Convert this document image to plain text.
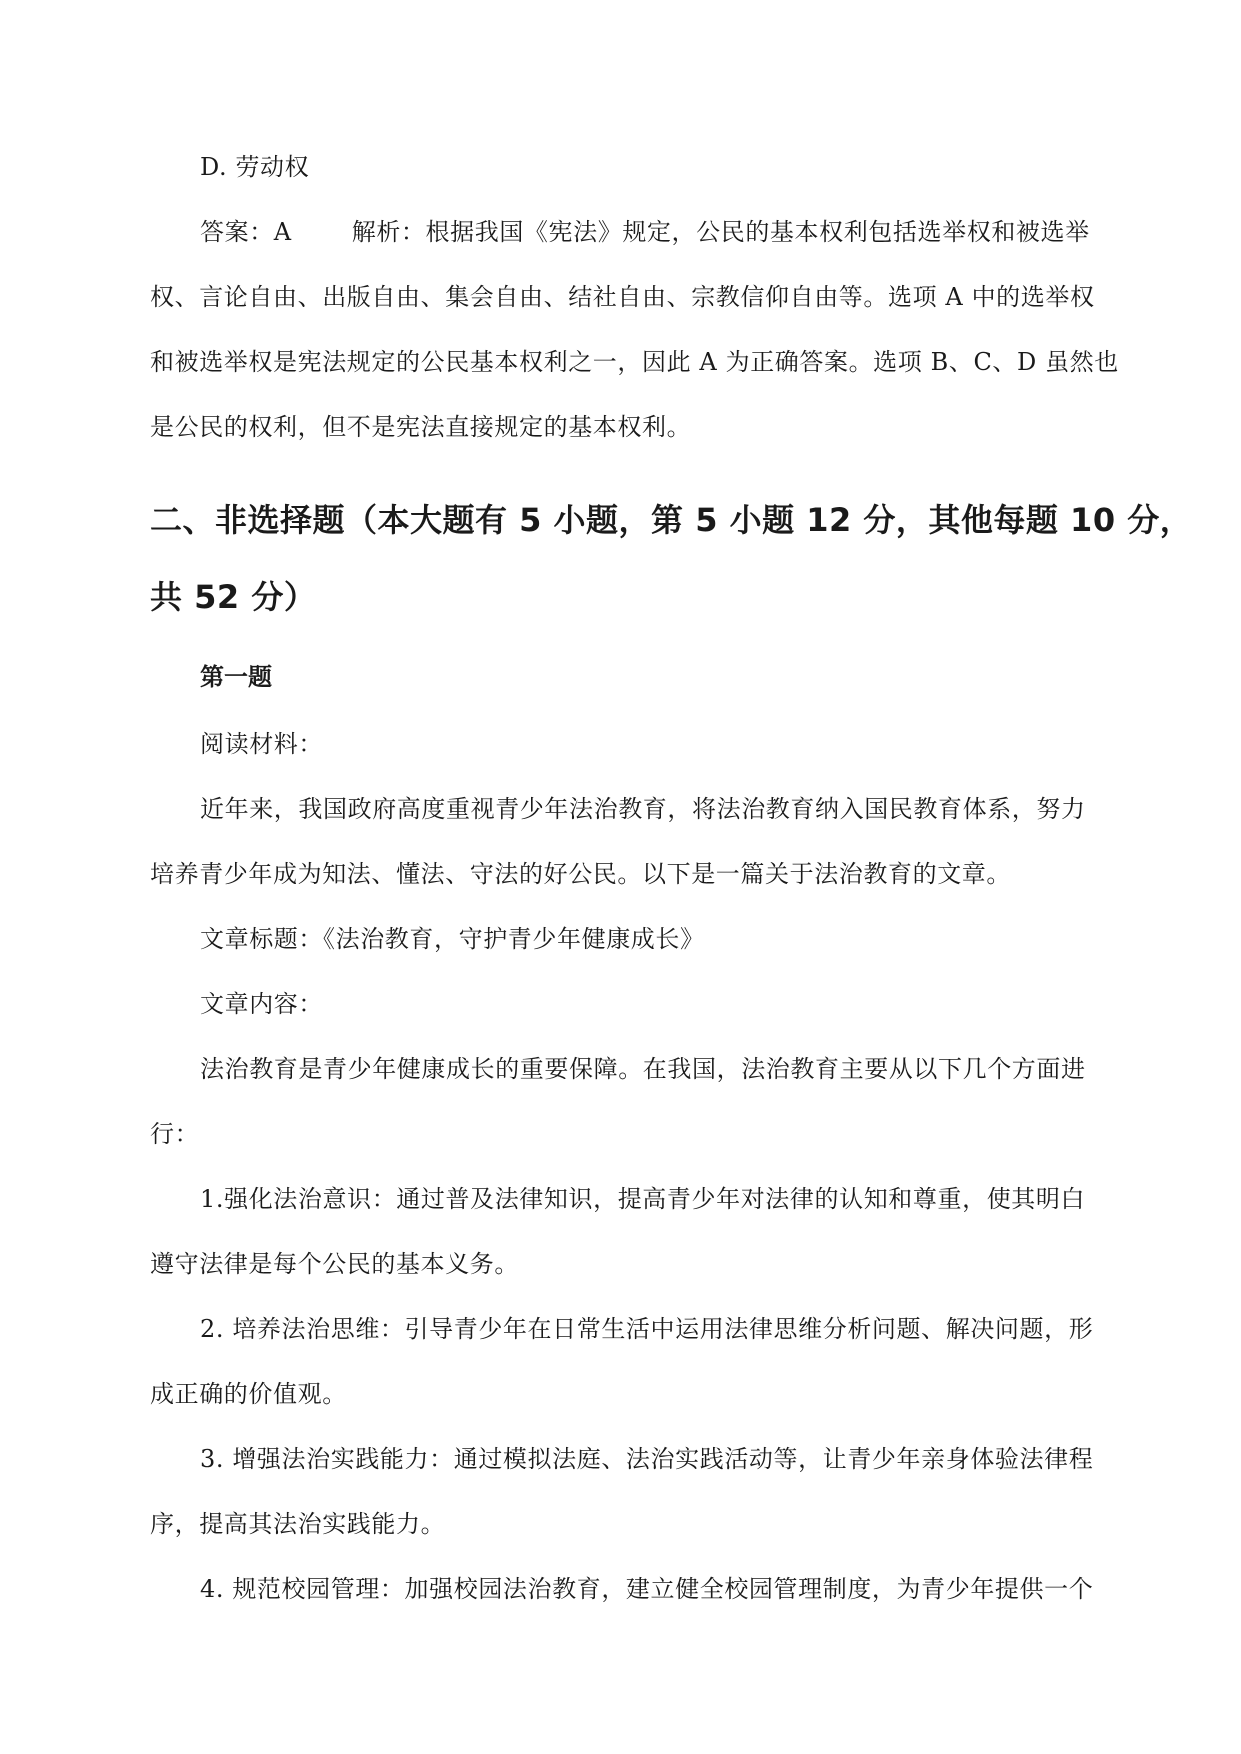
D. 劳动权
答案：A	解析：根据我国《宪法》规定，公民的基本权利包括选举权和被选举
权、言论自由、出版自由、集会自由、结社自由、宗教信仰自由等。选项 A 中的选举权
和被选举权是宪法规定的公民基本权利之一，因此 A 为正确答案。选项 B、C、D 虽然也
是公民的权利，但不是宪法直接规定的基本权利。
二、非选择题（本大题有 5 小题，第 5 小题 12 分，其他每题 10 分，
共 52 分）
第一题
阅读材料：
近年来，我国政府高度重视青少年法治教育，将法治教育纳入国民教育体系，努力
培养青少年成为知法、懂法、守法的好公民。以下是一篇关于法治教育的文章。
文章标题：《法治教育，守护青少年健康成长》
文章内容：
法治教育是青少年健康成长的重要保障。在我国，法治教育主要从以下几个方面进
行：
1.强化法治意识：通过普及法律知识，提高青少年对法律的认知和尊重，使其明白
遵守法律是每个公民的基本义务。
2. 培养法治思维：引导青少年在日常生活中运用法律思维分析问题、解决问题，形
成正确的价值观。
3. 增强法治实践能力：通过模拟法庭、法治实践活动等，让青少年亲身体验法律程
序，提高其法治实践能力。
4. 规范校园管理：加强校园法治教育，建立健全校园管理制度，为青少年提供一个
